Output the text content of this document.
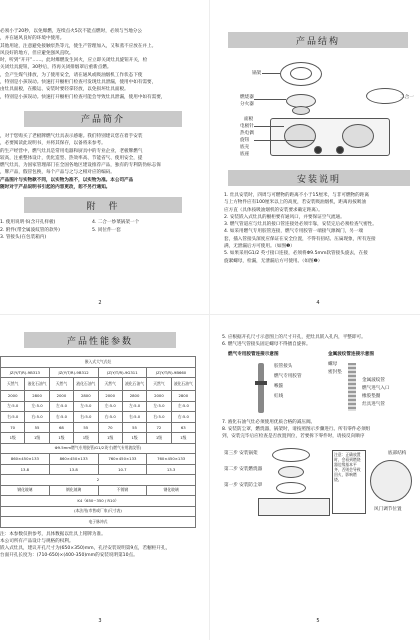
必须小于20秒，以免爆燃，连续点火5次不能点燃时，必须与当地分公

，并在通风良好的环境中使用。

其他用途，注意避免接触泵热等元，使生产管理加入，又和蒸不应放在并上。

风良好的地方，但应避免强风直吹。

时，听到“开开”……。此时爆燃发生回火，应立即关闭灶具旋钮开关，检

关闭灶具旋钮，30秒后，待再关闭排烟罩后重新点燃。

，会产生煤气排放，为了使用安全，请在通风或吸油烟机工作状态下使

，特别是小孩误动。快速打开橱柜门检查可发现灶具泄漏，使用中如有需要，

由灶具面板，在搬运、安装时要轻拿轻放，以免损坏灶具面板。

，特别是小孩误动。快速打开橱柜门检查可能会导致灶具泄漏，使用中如有需要，

产品简介

，对于您购买了老板牌燃气灶具表示感谢。我们特别建议您在着手安装

，必要阅读此说明书，并将其保存，以备将来参考。

的生产经营中，燃气灶具是常用电器和厨具中的专业企业，老板牌燃气

较高，注重整体设计，优化造型、热效率高、节能省气、使用安全，提

燃气灶具，为国家管理部门在全国各地区建设推荐产品，独有的专利防伪标志保

，牌产品，假冒包换，每个产品与之与之相对应的编码。

产品图片与实物款不同，以实物为准不，以实物为准。本公司产品

随时对于产品说明书引起的内容更改，恕不另行通知。

附　件

1. 使用说明书(含开孔样板)	4. 二合一炒菜锅架一个

2. 附件(带全属波纹管的款外)	5. 同位件一套

3. 管接头(在包装箱内)

2
产品结构
锅架
燃烧器
分火器
二合一
面板
电极针
热电偶
旋钮
底壳
底座
安装说明

1. 灶具安装时，四周与可燃物的距离不小于15厘米，与非可燃物的距离

与上方物件应有100厘米以上的高度，若安装吸油烟机，距离再按吸油

应方直（具体按吸油烟机的安装要求确定距离）。

2. 安装嵌入式灶具的橱柜要有通风口，并要保证空气流通。

3. 燃气管道应与灶具的接口管连接处必须牢靠，安装完后必须检查气密性。

4. 如采用燃气专用胶管连接，燃气专用胶管一端接气源阀门，另一端

套，插入管接头深度应保证在安全位置，不得有扭结、压扁现象，所有连接

满，无泄漏后方可使用。（如图❶）

5. 如果采用G1/2 英寸接口连接，必须将Φ9.5mm软管接头旋去，在接

旋紧螺母，检漏，无泄漏后方可使用。（如图❷）

4
产品性能参数
嵌入式大气式灶							
JZ(Y/T/R)-9B313		JZ(Y/T/R)-9B312		JZ(Y/T/R)-9G311		JZ(Y/T/R)-9B660	
天然气	液化石油气	天然气	液化石油气	天然气	液化石油气	天然气	液化石油气
2000	2800	2000	2800	2000	2800	2000	2800
左:5.0	左:5.0	左:5.0	左:5.0	左:5.0	左:5.0	左:5.0	左:5.0
右:5.0	右:5.0	右:5.0	右:5.0	右:5.0	右:5.0	右:5.0	右:5.0
70	55	68	55	70	55	72	63
1级	1级	1级	1级	1级	1级	1级	1级
Φ9.5mm燃气专用胶管/G1/2英寸(燃气专用波纹管)							
860×450×133		860×450×133		760×450×133		760×450×133	
13.8		13.8		10.7		13.3	
2							
钢化玻璃		钢化玻璃		不锈钢		钢化玻璃	
K4（650~350 / R10）							
(本法用(市售或厂家)尺寸表)							
电子脉冲式							

注：本参数仅供参考，具体数据以灶具上铭牌为准。

本公司所有产品设计与规格的权利。

嵌入式灶具，建议开孔尺寸为(650×350)mm，孔径安装说明第9点，若橱柜开孔，

台面开孔长度为：(710-650)×(400-350)mm的安装说明第10点。

3

5. 应根据开孔尺寸示意图上的尺寸开孔，把灶具嵌入孔内，平整即可。

6. 燃气进气管接头固定螺母不得擅自旋拆。

燃气专用胶管连接示意图	金属波纹管连接示意图
胶管接头
燃气专用胶管
喉箍
紅线
螺母
密封垫
金属波纹管
燃气进气入口
橡胶垫圈
灶具进气管

7. 液化石油气灶必须使用优质合格的减压阀。

8. 安装防尘罩，燃烧器，锅架时，请按照图示步骤进行。所有零件必须组

到，安装完毕后应检查是否放置到位，若要拆下零件时，请按反向顺序

第三步 安装锅架
第二步 安装燃烧器
第一步 安装防尘罩
注意：正确放置时，会看到燃烧器边缘基本平齐，否则会导致回火，影响燃烧。
底部结构
风门调节位置
5
